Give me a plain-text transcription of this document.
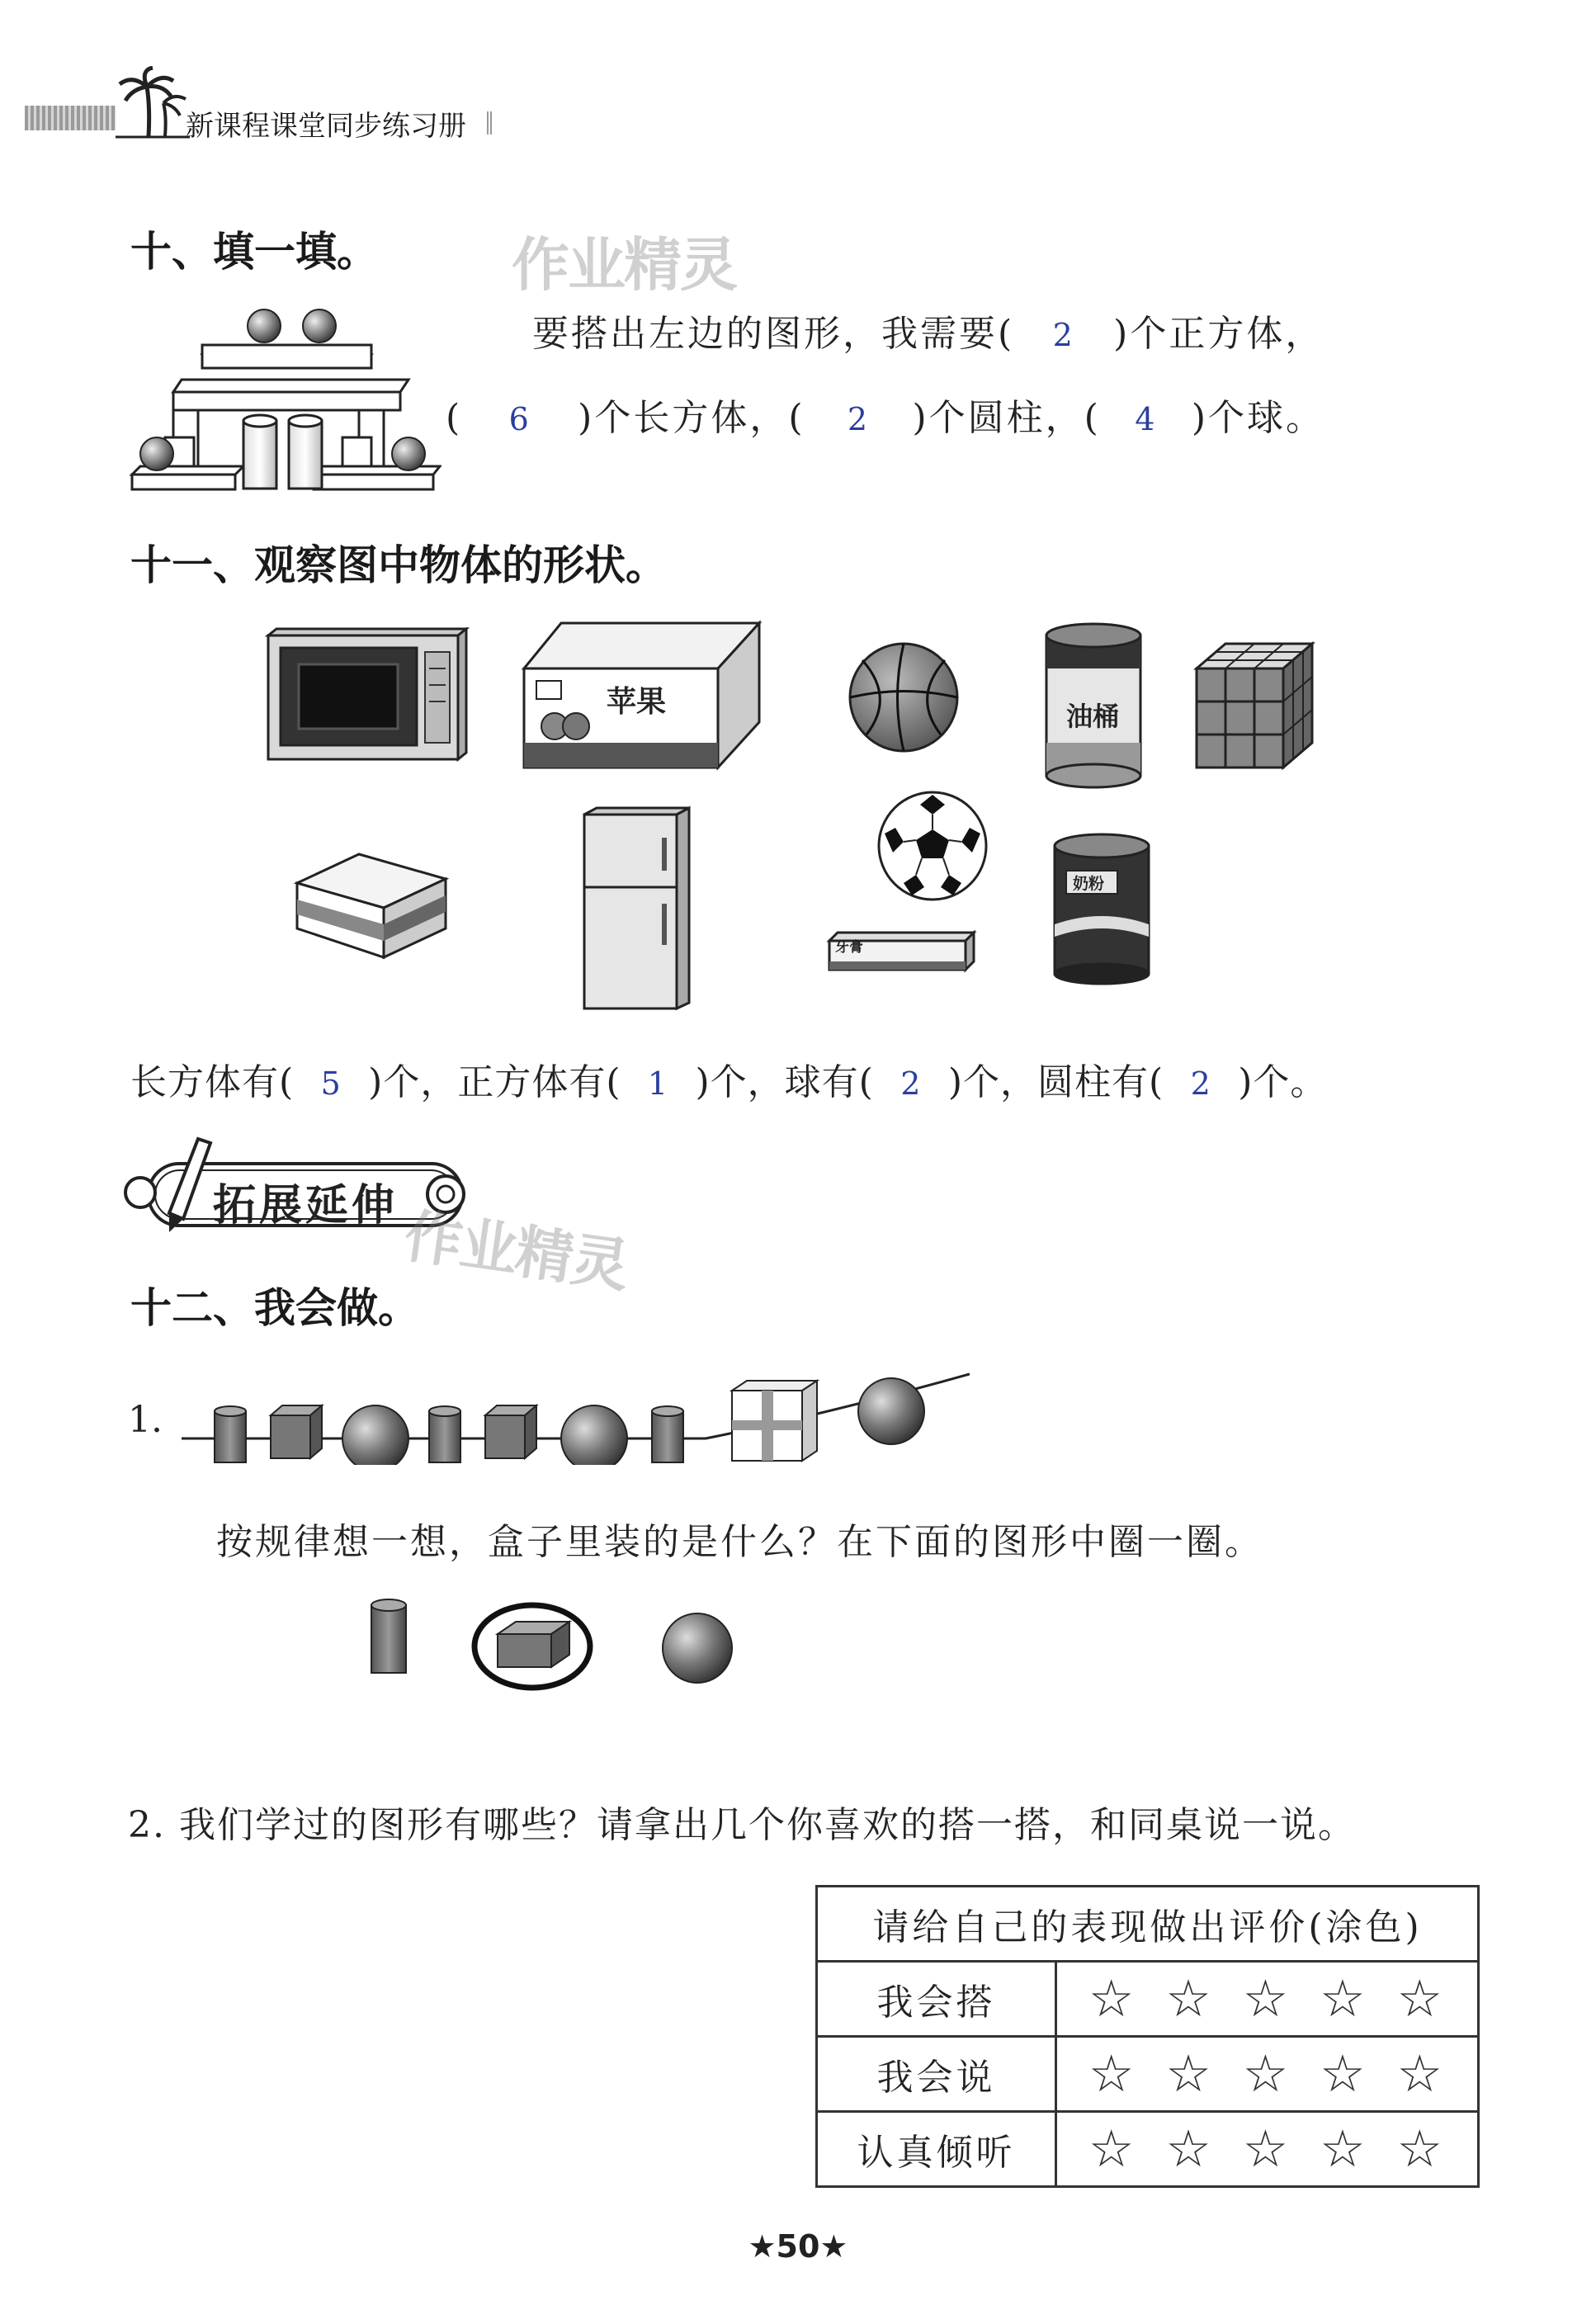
新课程课堂同步练习册
作业精灵
十、填一填。
要搭出左边的图形，我需要( 2 )个正方体，
( 6 )个长方体，( 2 )个圆柱，( 4 )个球。
十一、观察图中物体的形状。
苹果	油桶
牙膏
奶粉
长方体有( 5 )个，正方体有( 1 )个，球有( 2 )个，圆柱有( 2 )个。
拓展延伸 作业精灵
十二、我会做。
1.
按规律想一想，盒子里装的是什么？在下面的图形中圈一圈。
2. 我们学过的图形有哪些？请拿出几个你喜欢的搭一搭，和同桌说一说。
请给自己的表现做出评价(涂色)	
我会搭	☆ ☆ ☆ ☆ ☆

我会说	☆ ☆ ☆ ☆ ☆

认真倾听	☆ ☆ ☆ ☆ ☆
★50★
